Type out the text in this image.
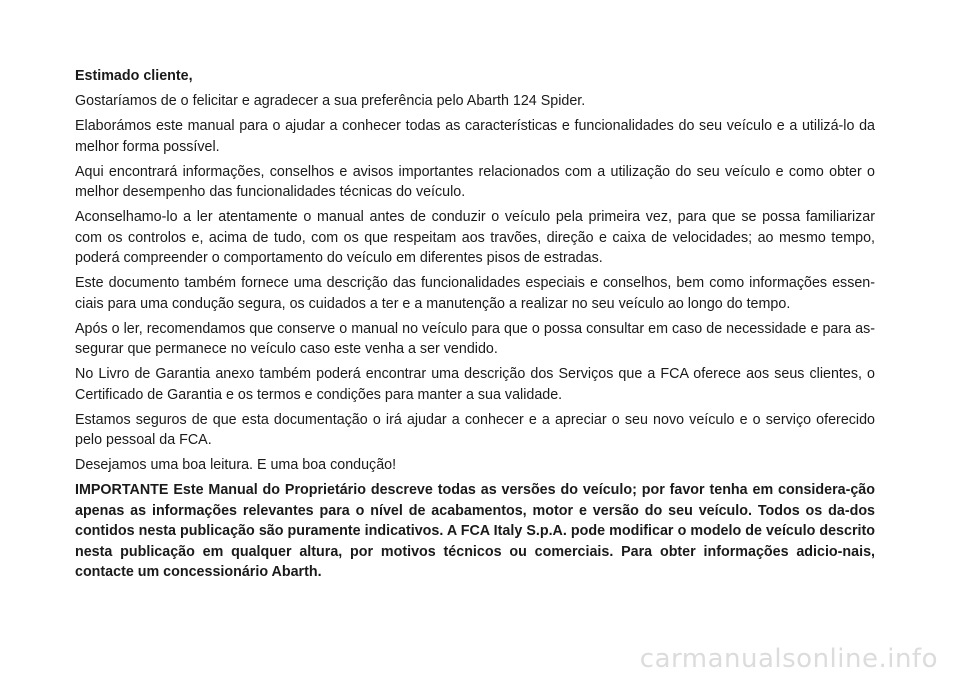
Estimado cliente,

Gostaríamos de o felicitar e agradecer a sua preferência pelo Abarth 124 Spider.

Elaborámos este manual para o ajudar a conhecer todas as características e funcionalidades do seu veículo e a utilizá-lo da melhor forma possível.

Aqui encontrará informações, conselhos e avisos importantes relacionados com a utilização do seu veículo e como obter o melhor desempenho das funcionalidades técnicas do veículo.

Aconselhamo-lo a ler atentamente o manual antes de conduzir o veículo pela primeira vez, para que se possa familiarizar com os controlos e, acima de tudo, com os que respeitam aos travões, direção e caixa de velocidades; ao mesmo tempo, poderá compreender o comportamento do veículo em diferentes pisos de estradas.

Este documento também fornece uma descrição das funcionalidades especiais e conselhos, bem como informações essen-ciais para uma condução segura, os cuidados a ter e a manutenção a realizar no seu veículo ao longo do tempo.

Após o ler, recomendamos que conserve o manual no veículo para que o possa consultar em caso de necessidade e para as-segurar que permanece no veículo caso este venha a ser vendido.

No Livro de Garantia anexo também poderá encontrar uma descrição dos Serviços que a FCA oferece aos seus clientes, o Certificado de Garantia e os termos e condições para manter a sua validade.

Estamos seguros de que esta documentação o irá ajudar a conhecer e a apreciar o seu novo veículo e o serviço oferecido pelo pessoal da FCA.

Desejamos uma boa leitura. E uma boa condução!

IMPORTANTE Este Manual do Proprietário descreve todas as versões do veículo; por favor tenha em considera-ção apenas as informações relevantes para o nível de acabamentos, motor e versão do seu veículo. Todos os da-dos contidos nesta publicação são puramente indicativos. A FCA Italy S.p.A. pode modificar o modelo de veículo descrito nesta publicação em qualquer altura, por motivos técnicos ou comerciais. Para obter informações adicio-nais, contacte um concessionário Abarth.

carmanualsonline.info
